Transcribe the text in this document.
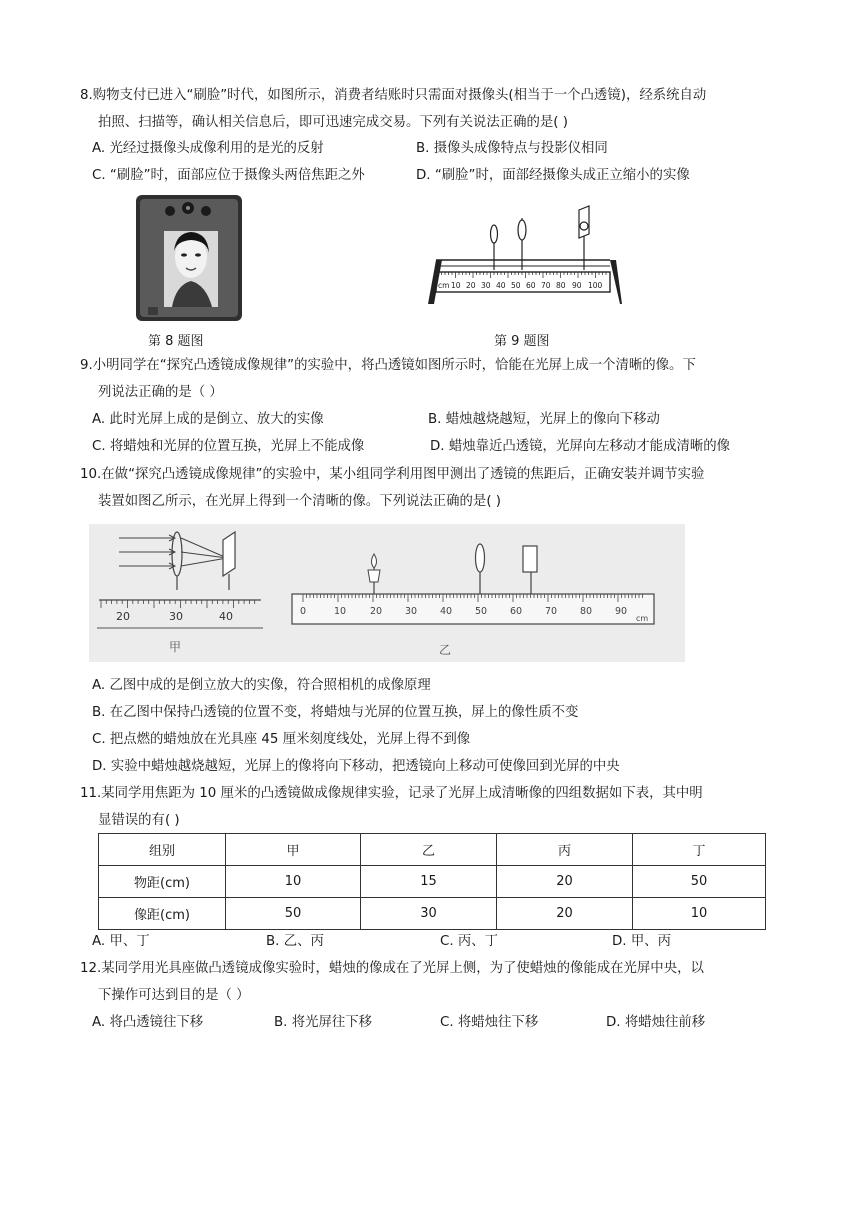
8.购物支付已进入“刷脸”时代，如图所示，消费者结账时只需面对摄像头(相当于一个凸透镜)，经系统自动
拍照、扫描等，确认相关信息后，即可迅速完成交易。下列有关说法正确的是( )
A. 光经过摄像头成像利用的是光的反射	B. 摄像头成像特点与投影仪相同
C. “刷脸”时，面部应位于摄像头两倍焦距之外	D. “刷脸”时，面部经摄像头成正立缩小的实像
cm 10 20 30 40 50 60 70 80 90 100
第 8 题图	第 9 题图
9.小明同学在“探究凸透镜成像规律”的实验中，将凸透镜如图所示时，恰能在光屏上成一个清晰的像。下
列说法正确的是（ ）
A. 此时光屏上成的是倒立、放大的实像	B. 蜡烛越烧越短，光屏上的像向下移动
C. 将蜡烛和光屏的位置互换，光屏上不能成像	D. 蜡烛靠近凸透镜，光屏向左移动才能成清晰的像
10.在做“探究凸透镜成像规律”的实验中，某小组同学利用图甲测出了透镜的焦距后，正确安装并调节实验
装置如图乙所示，在光屏上得到一个清晰的像。下列说法正确的是( )
20	30	40
甲
0	10	20 30 40 50 60 70 80 90
cm
乙
A. 乙图中成的是倒立放大的实像，符合照相机的成像原理
B. 在乙图中保持凸透镜的位置不变，将蜡烛与光屏的位置互换，屏上的像性质不变
C. 把点燃的蜡烛放在光具座 45 厘米刻度线处，光屏上得不到像
D. 实验中蜡烛越烧越短，光屏上的像将向下移动，把透镜向上移动可使像回到光屏的中央
11.某同学用焦距为 10 厘米的凸透镜做成像规律实验，记录了光屏上成清晰像的四组数据如下表，其中明
显错误的有( )
组别	甲	乙	丙	丁
物距(cm)	10	15	20	50
像距(cm)	50	30	20	10
A. 甲、丁	B. 乙、丙	C. 丙、丁	D. 甲、丙
12.某同学用光具座做凸透镜成像实验时，蜡烛的像成在了光屏上侧，为了使蜡烛的像能成在光屏中央，以
下操作可达到目的是（ ）
A. 将凸透镜往下移	B. 将光屏往下移	C. 将蜡烛往下移	D. 将蜡烛往前移
